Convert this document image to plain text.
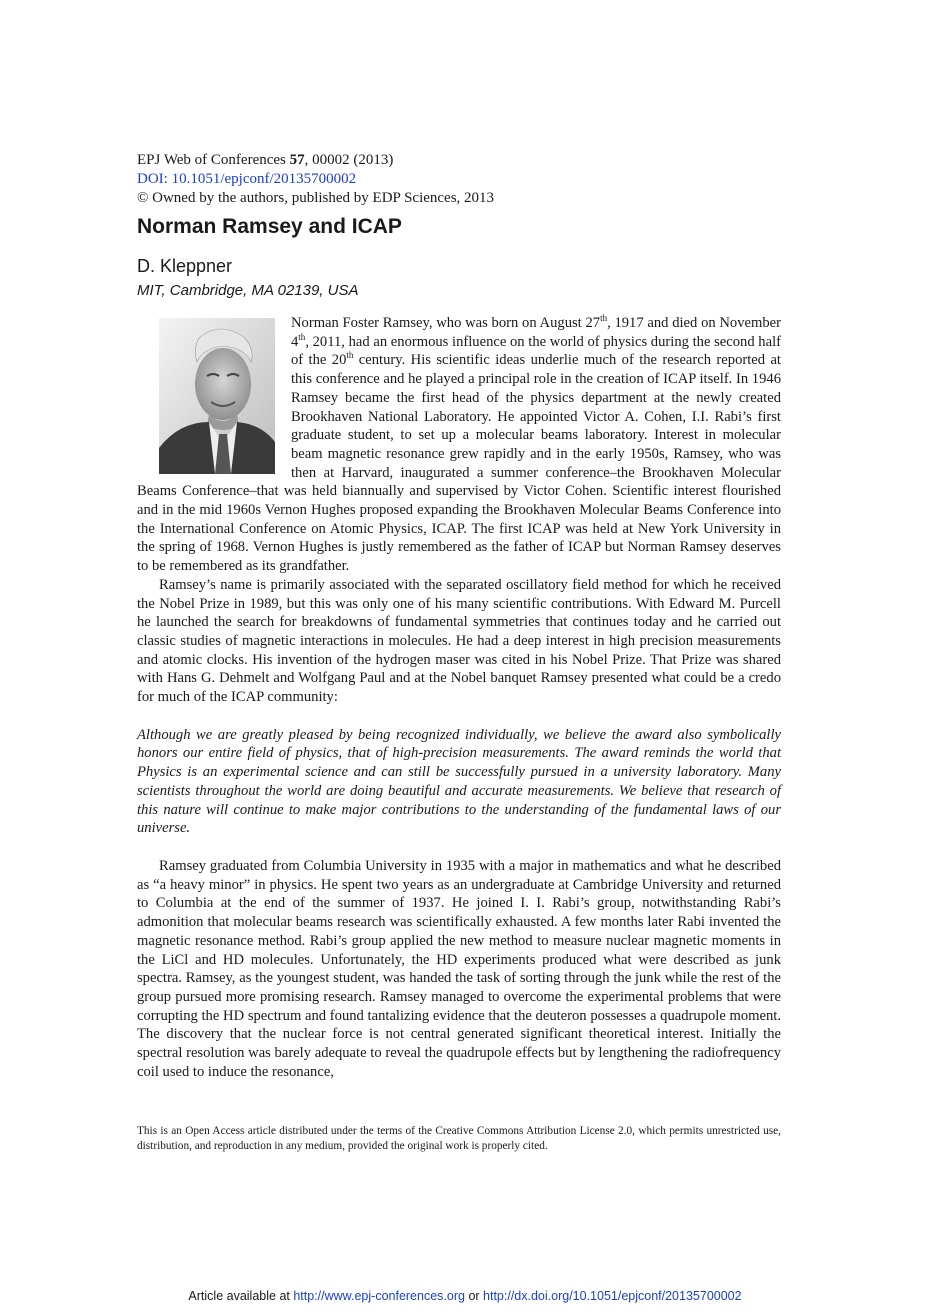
EPJ Web of Conferences 57, 00002 (2013)
DOI: 10.1051/epjconf/20135700002
© Owned by the authors, published by EDP Sciences, 2013
Norman Ramsey and ICAP
D. Kleppner
MIT, Cambridge, MA 02139, USA

Norman Foster Ramsey, who was born on August 27th, 1917 and died on November 4th, 2011, had an enormous influence on the world of physics during the second half of the 20th century. His scientific ideas underlie much of the research reported at this conference and he played a principal role in the creation of ICAP itself. In 1946 Ramsey became the first head of the physics department at the newly created Brookhaven National Laboratory. He appointed Victor A. Cohen, I.I. Rabi’s first graduate student, to set up a molecular beams laboratory. Interest in molecular beam magnetic resonance grew rapidly and in the early 1950s, Ramsey, who was then at Harvard, inaugurated a summer conference–the Brookhaven Molecular Beams Conference–that was held biannually and supervised by Victor Cohen. Scientific interest flourished and in the mid 1960s Vernon Hughes proposed expanding the Brookhaven Molecular Beams Conference into the International Conference on Atomic Physics, ICAP. The first ICAP was held at New York University in the spring of 1968. Vernon Hughes is justly remembered as the father of ICAP but Norman Ramsey deserves to be remembered as its grandfather.

Ramsey’s name is primarily associated with the separated oscillatory field method for which he received the Nobel Prize in 1989, but this was only one of his many scientific contributions. With Edward M. Purcell he launched the search for breakdowns of fundamental symmetries that continues today and he carried out classic studies of magnetic interactions in molecules. He had a deep interest in high precision measurements and atomic clocks. His invention of the hydrogen maser was cited in his Nobel Prize. That Prize was shared with Hans G. Dehmelt and Wolfgang Paul and at the Nobel banquet Ramsey presented what could be a credo for much of the ICAP community:

Although we are greatly pleased by being recognized individually, we believe the award also symbolically honors our entire field of physics, that of high-precision measurements. The award reminds the world that Physics is an experimental science and can still be successfully pursued in a university laboratory. Many scientists throughout the world are doing beautiful and accurate measurements. We believe that research of this nature will continue to make major contributions to the understanding of the fundamental laws of our universe.

Ramsey graduated from Columbia University in 1935 with a major in mathematics and what he described as “a heavy minor” in physics. He spent two years as an undergraduate at Cambridge University and returned to Columbia at the end of the summer of 1937. He joined I. I. Rabi’s group, notwithstanding Rabi’s admonition that molecular beams research was scientifically exhausted. A few months later Rabi invented the magnetic resonance method. Rabi’s group applied the new method to measure nuclear magnetic moments in the LiCl and HD molecules. Unfortunately, the HD experiments produced what were described as junk spectra. Ramsey, as the youngest student, was handed the task of sorting through the junk while the rest of the group pursued more promising research. Ramsey managed to overcome the experimental problems that were corrupting the HD spectrum and found tantalizing evidence that the deuteron possesses a quadrupole moment. The discovery that the nuclear force is not central generated significant theoretical interest. Initially the spectral resolution was barely adequate to reveal the quadrupole effects but by lengthening the radiofrequency coil used to induce the resonance,

This is an Open Access article distributed under the terms of the Creative Commons Attribution License 2.0, which permits unrestricted use, distribution, and reproduction in any medium, provided the original work is properly cited.
Article available at http://www.epj-conferences.org or http://dx.doi.org/10.1051/epjconf/20135700002
